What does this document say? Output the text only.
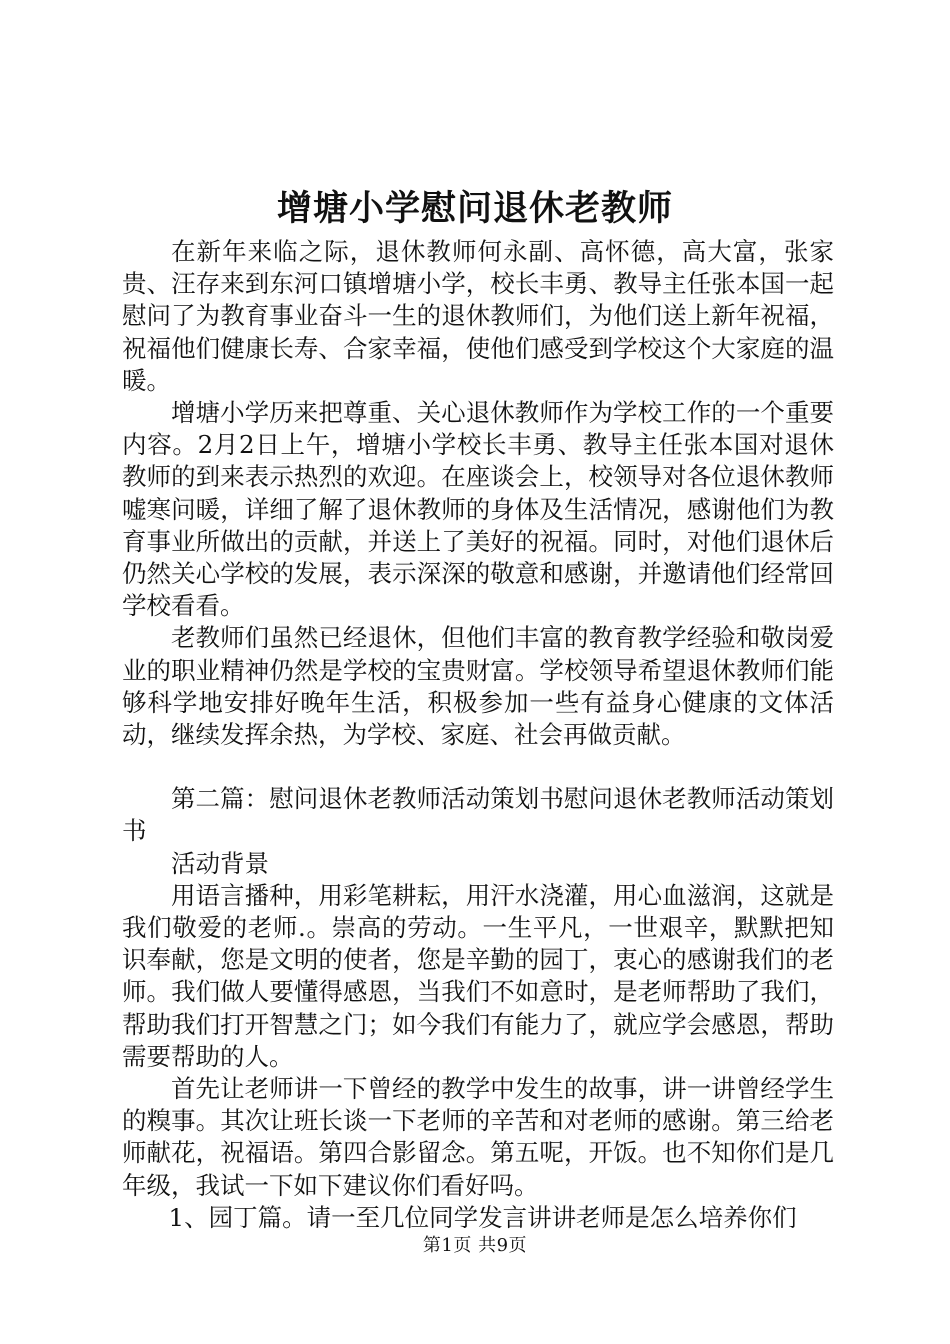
增塘小学慰问退休老教师

在新年来临之际，退休教师何永副、高怀德，高大富，张家贵、汪存来到东河口镇增塘小学，校长丰勇、教导主任张本国一起慰问了为教育事业奋斗一生的退休教师们，为他们送上新年祝福，祝福他们健康长寿、合家幸福，使他们感受到学校这个大家庭的温暖。

增塘小学历来把尊重、关心退休教师作为学校工作的一个重要内容。2月2日上午，增塘小学校长丰勇、教导主任张本国对退休教师的到来表示热烈的欢迎。在座谈会上，校领导对各位退休教师嘘寒问暖，详细了解了退休教师的身体及生活情况，感谢他们为教育事业所做出的贡献，并送上了美好的祝福。同时，对他们退休后仍然关心学校的发展，表示深深的敬意和感谢，并邀请他们经常回学校看看。

老教师们虽然已经退休，但他们丰富的教育教学经验和敬岗爱业的职业精神仍然是学校的宝贵财富。学校领导希望退休教师们能够科学地安排好晚年生活，积极参加一些有益身心健康的文体活动，继续发挥余热，为学校、家庭、社会再做贡献。

第二篇：慰问退休老教师活动策划书慰问退休老教师活动策划书

活动背景

用语言播种，用彩笔耕耘，用汗水浇灌，用心血滋润，这就是我们敬爱的老师.。崇高的劳动。一生平凡，一世艰辛，默默把知识奉献，您是文明的使者，您是辛勤的园丁，衷心的感谢我们的老师。我们做人要懂得感恩，当我们不如意时，是老师帮助了我们，帮助我们打开智慧之门；如今我们有能力了，就应学会感恩，帮助需要帮助的人。

首先让老师讲一下曾经的教学中发生的故事，讲一讲曾经学生的糗事。其次让班长谈一下老师的辛苦和对老师的感谢。第三给老师献花，祝福语。第四合影留念。第五呢，开饭。也不知你们是几年级，我试一下如下建议你们看好吗。

1、园丁篇。请一至几位同学发言讲讲老师是怎么培养你们

第1页 共9页
